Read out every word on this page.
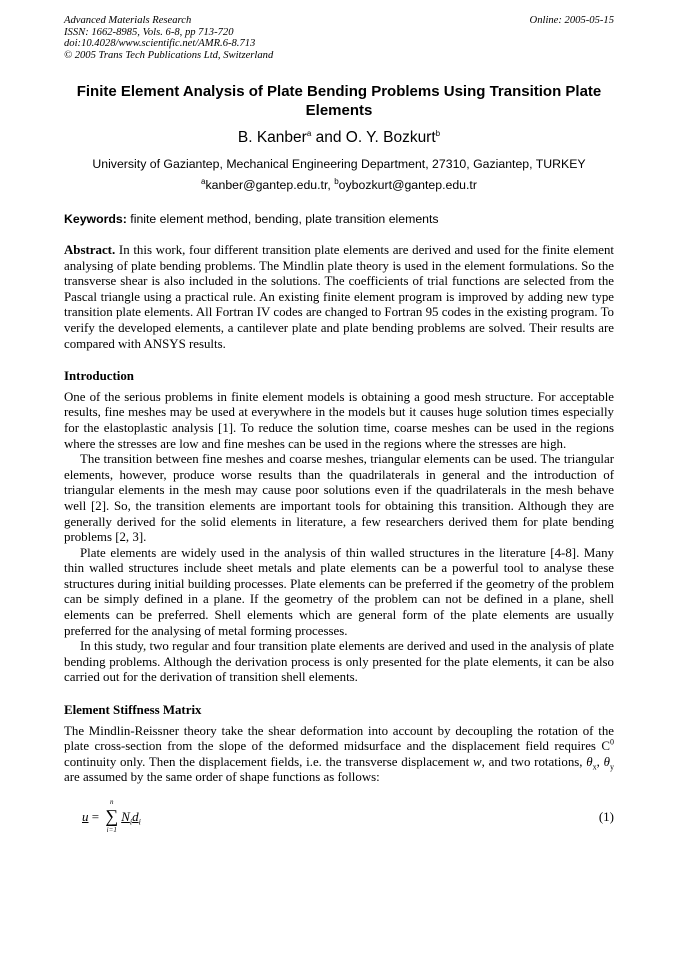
Advanced Materials Research
ISSN: 1662-8985, Vols. 6-8, pp 713-720
doi:10.4028/www.scientific.net/AMR.6-8.713
© 2005 Trans Tech Publications Ltd, Switzerland
Online: 2005-05-15
Finite Element Analysis of Plate Bending Problems Using Transition Plate Elements
B. Kanber$^a$ and O. Y. Bozkurt$^b$
University of Gaziantep, Mechanical Engineering Department, 27310, Gaziantep, TURKEY
$^a$kanber@gantep.edu.tr, $^b$oybozkurt@gantep.edu.tr
Keywords: finite element method, bending, plate transition elements

Abstract. In this work, four different transition plate elements are derived and used for the finite element analysing of plate bending problems. The Mindlin plate theory is used in the element formulations. So the transverse shear is also included in the solutions. The coefficients of trial functions are selected from the Pascal triangle using a practical rule. An existing finite element program is improved by adding new type transition plate elements. All Fortran IV codes are changed to Fortran 95 codes in the existing program. To verify the developed elements, a cantilever plate and plate bending problems are solved. Their results are compared with ANSYS results.

Introduction

One of the serious problems in finite element models is obtaining a good mesh structure. For acceptable results, fine meshes may be used at everywhere in the models but it causes huge solution times especially for the elastoplastic analysis [1]. To reduce the solution time, coarse meshes can be used in the regions where the stresses are low and fine meshes can be used in the regions where the stresses are high.

The transition between fine meshes and coarse meshes, triangular elements can be used. The triangular elements, however, produce worse results than the quadrilaterals in general and the introduction of triangular elements in the mesh may cause poor solutions even if the quadrilaterals in the mesh behave well [2]. So, the transition elements are important tools for obtaining this transition. Although they are generally derived for the solid elements in literature, a few researchers derived them for plate bending problems [2, 3].

Plate elements are widely used in the analysis of thin walled structures in the literature [4-8]. Many thin walled structures include sheet metals and plate elements can be a powerful tool to analyse these structures during initial building processes. Plate elements can be preferred if the geometry of the problem can be simply defined in a plane. If the geometry of the problem can not be defined in a plane, shell elements can be preferred. Shell elements which are general form of the plate elements are usually preferred for the analysing of metal forming processes.

In this study, two regular and four transition plate elements are derived and used in the analysis of plate bending problems. Although the derivation process is only presented for the plate elements, it can be also carried out for the derivation of transition shell elements.

Element Stiffness Matrix

The Mindlin-Reissner theory take the shear deformation into account by decoupling the rotation of the plate cross-section from the slope of the deformed midsurface and the displacement field requires $C^0$ continuity only. Then the displacement fields, i.e. the transverse displacement w, and two rotations, $\theta_x$, $\theta_y$ are assumed by the same order of shape functions as follows:

u =
n
∑
i=1
$N_id_i$	(1)
